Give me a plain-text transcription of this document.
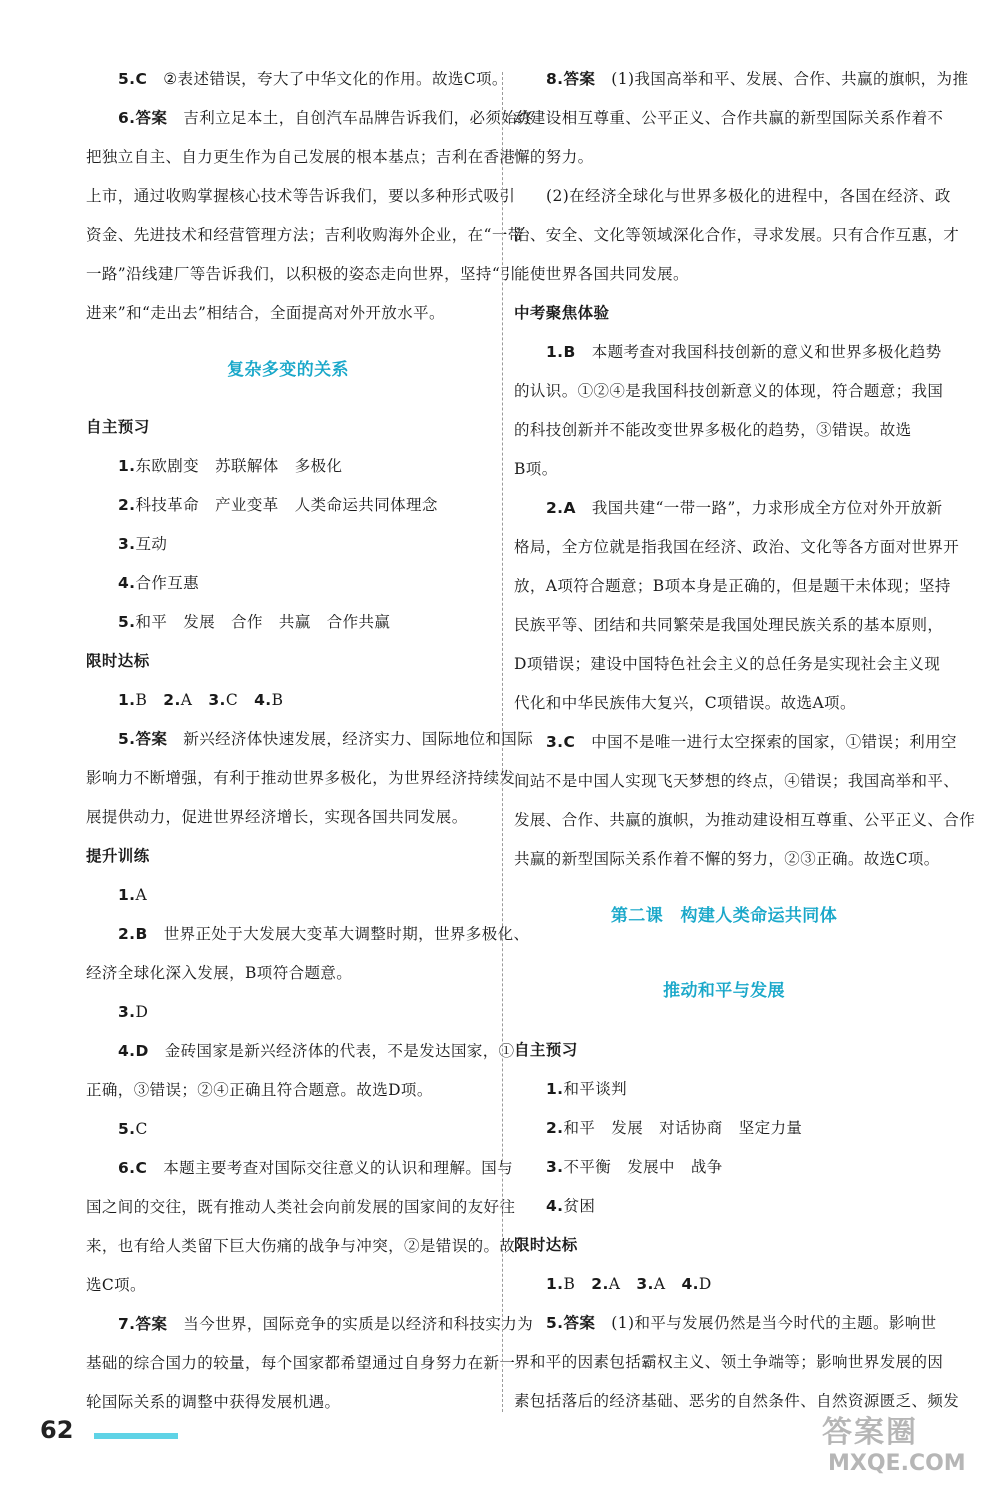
5.C ②表述错误，夸大了中华文化的作用。故选C项。

6.答案 吉利立足本土，自创汽车品牌告诉我们，必须始终

把独立自主、自力更生作为自己发展的根本基点；吉利在香港

上市，通过收购掌握核心技术等告诉我们，要以多种形式吸引

资金、先进技术和经营管理方法；吉利收购海外企业，在“一带

一路”沿线建厂等告诉我们，以积极的姿态走向世界，坚持“引

进来”和“走出去”相结合，全面提高对外开放水平。

复杂多变的关系
自主预习

1.东欧剧变 苏联解体 多极化

2.科技革命 产业变革 人类命运共同体理念

3.互动

4.合作互惠

5.和平 发展 合作 共赢 合作共赢

限时达标

1.B 2.A 3.C 4.B

5.答案 新兴经济体快速发展，经济实力、国际地位和国际

影响力不断增强，有利于推动世界多极化，为世界经济持续发

展提供动力，促进世界经济增长，实现各国共同发展。

提升训练

1.A

2.B 世界正处于大发展大变革大调整时期，世界多极化、

经济全球化深入发展，B项符合题意。

3.D

4.D 金砖国家是新兴经济体的代表，不是发达国家，①

正确，③错误；②④正确且符合题意。故选D项。

5.C

6.C 本题主要考查对国际交往意义的认识和理解。国与

国之间的交往，既有推动人类社会向前发展的国家间的友好往

来，也有给人类留下巨大伤痛的战争与冲突，②是错误的。故

选C项。

7.答案 当今世界，国际竞争的实质是以经济和科技实力为

基础的综合国力的较量，每个国家都希望通过自身努力在新一

轮国际关系的调整中获得发展机遇。

8.答案 (1)我国高举和平、发展、合作、共赢的旗帜，为推

动建设相互尊重、公平正义、合作共赢的新型国际关系作着不

懈的努力。

(2)在经济全球化与世界多极化的进程中，各国在经济、政

治、安全、文化等领域深化合作，寻求发展。只有合作互惠，才

能使世界各国共同发展。

中考聚焦体验

1.B 本题考查对我国科技创新的意义和世界多极化趋势

的认识。①②④是我国科技创新意义的体现，符合题意；我国

的科技创新并不能改变世界多极化的趋势，③错误。故选

B项。

2.A 我国共建“一带一路”，力求形成全方位对外开放新

格局，全方位就是指我国在经济、政治、文化等各方面对世界开

放，A项符合题意；B项本身是正确的，但是题干未体现；坚持

民族平等、团结和共同繁荣是我国处理民族关系的基本原则，

D项错误；建设中国特色社会主义的总任务是实现社会主义现

代化和中华民族伟大复兴，C项错误。故选A项。

3.C 中国不是唯一进行太空探索的国家，①错误；利用空

间站不是中国人实现飞天梦想的终点，④错误；我国高举和平、

发展、合作、共赢的旗帜，为推动建设相互尊重、公平正义、合作

共赢的新型国际关系作着不懈的努力，②③正确。故选C项。

第二课　构建人类命运共同体
推动和平与发展
自主预习

1.和平谈判

2.和平 发展 对话协商 坚定力量

3.不平衡 发展中 战争

4.贫困

限时达标

1.B 2.A 3.A 4.D

5.答案 (1)和平与发展仍然是当今时代的主题。影响世

界和平的因素包括霸权主义、领土争端等；影响世界发展的因

素包括落后的经济基础、恶劣的自然条件、自然资源匮乏、频发

62	答案圈
MXQE.COM
